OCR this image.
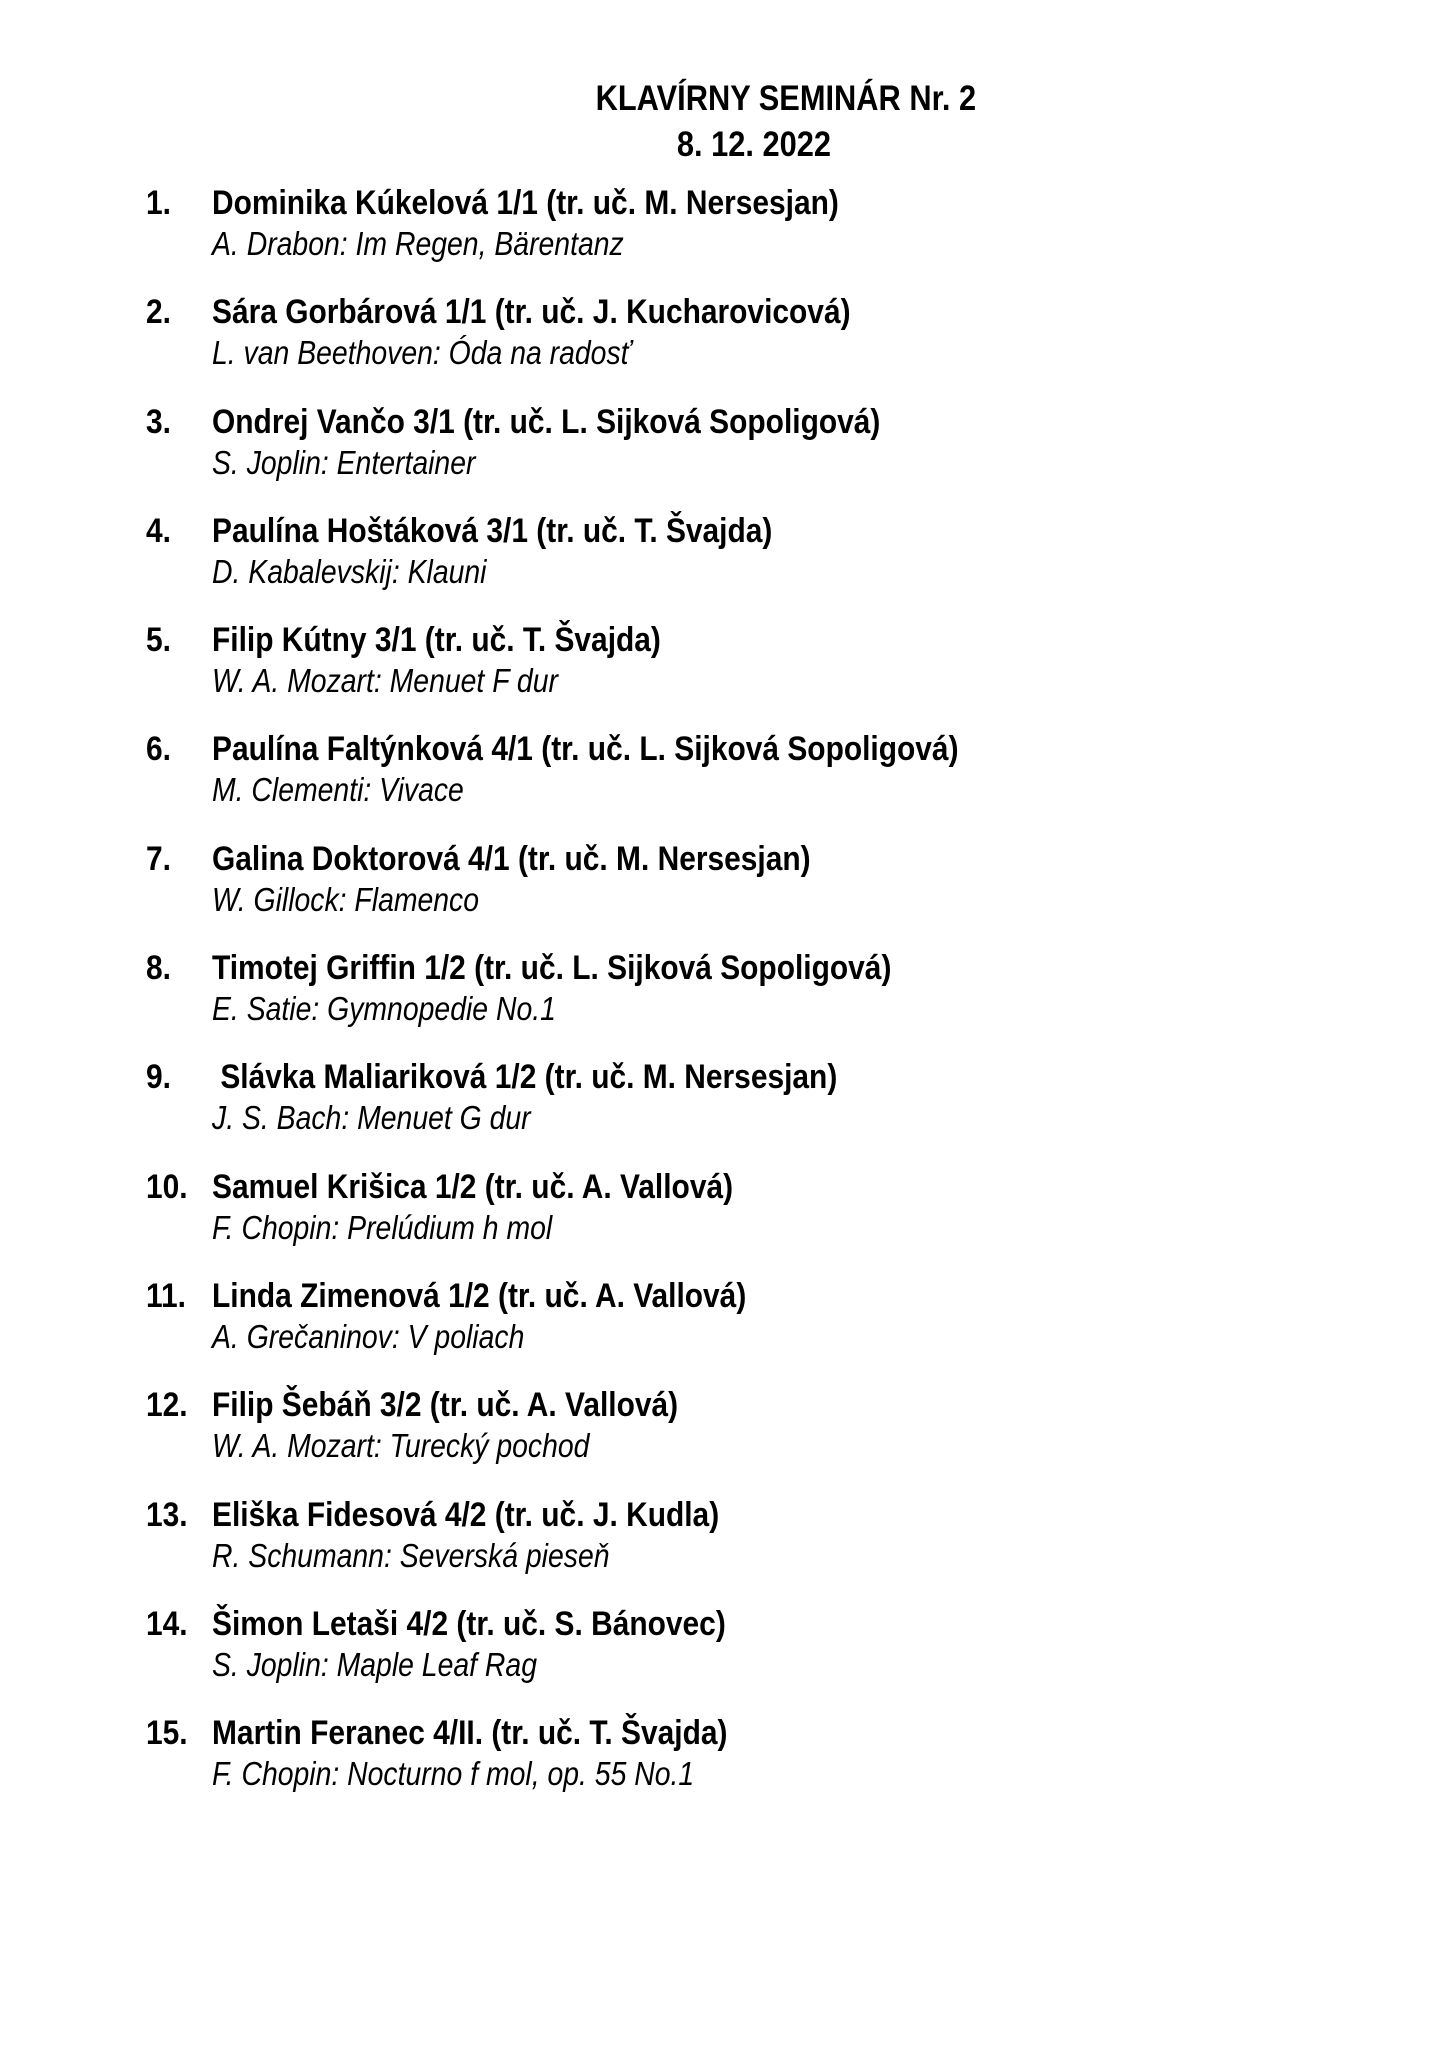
KLAVÍRNY SEMINÁR Nr. 2
8. 12. 2022
1. Dominika Kúkelová 1/1 (tr. uč. M. Nersesjan)
A. Drabon: Im Regen, Bärentanz
2. Sára Gorbárová 1/1 (tr. uč. J. Kucharovicová)
L. van Beethoven: Óda na radosť
3. Ondrej Vančo 3/1 (tr. uč. L. Sijková Sopoligová)
S. Joplin: Entertainer
4. Paulína Hoštáková 3/1 (tr. uč. T. Švajda)
D. Kabalevskij: Klauni
5. Filip Kútny 3/1 (tr. uč. T. Švajda)
W. A. Mozart: Menuet F dur
6. Paulína Faltýnková 4/1 (tr. uč. L. Sijková Sopoligová)
M. Clementi: Vivace
7. Galina Doktorová 4/1 (tr. uč. M. Nersesjan)
W. Gillock: Flamenco
8. Timotej Griffin 1/2 (tr. uč. L. Sijková Sopoligová)
E. Satie: Gymnopedie No.1
9. Slávka Maliariková 1/2 (tr. uč. M. Nersesjan)
J. S. Bach: Menuet G dur
10. Samuel Krišica 1/2 (tr. uč. A. Vallová)
F. Chopin: Prelúdium h mol
11. Linda Zimenová 1/2 (tr. uč. A. Vallová)
A. Grečaninov: V poliach
12. Filip Šebáň 3/2 (tr. uč. A. Vallová)
W. A. Mozart: Turecký pochod
13. Eliška Fidesová 4/2 (tr. uč. J. Kudla)
R. Schumann: Severská pieseň
14. Šimon Letaši 4/2 (tr. uč. S. Bánovec)
S. Joplin: Maple Leaf Rag
15. Martin Feranec 4/II. (tr. uč. T. Švajda)
F. Chopin: Nocturno f mol, op. 55 No.1
